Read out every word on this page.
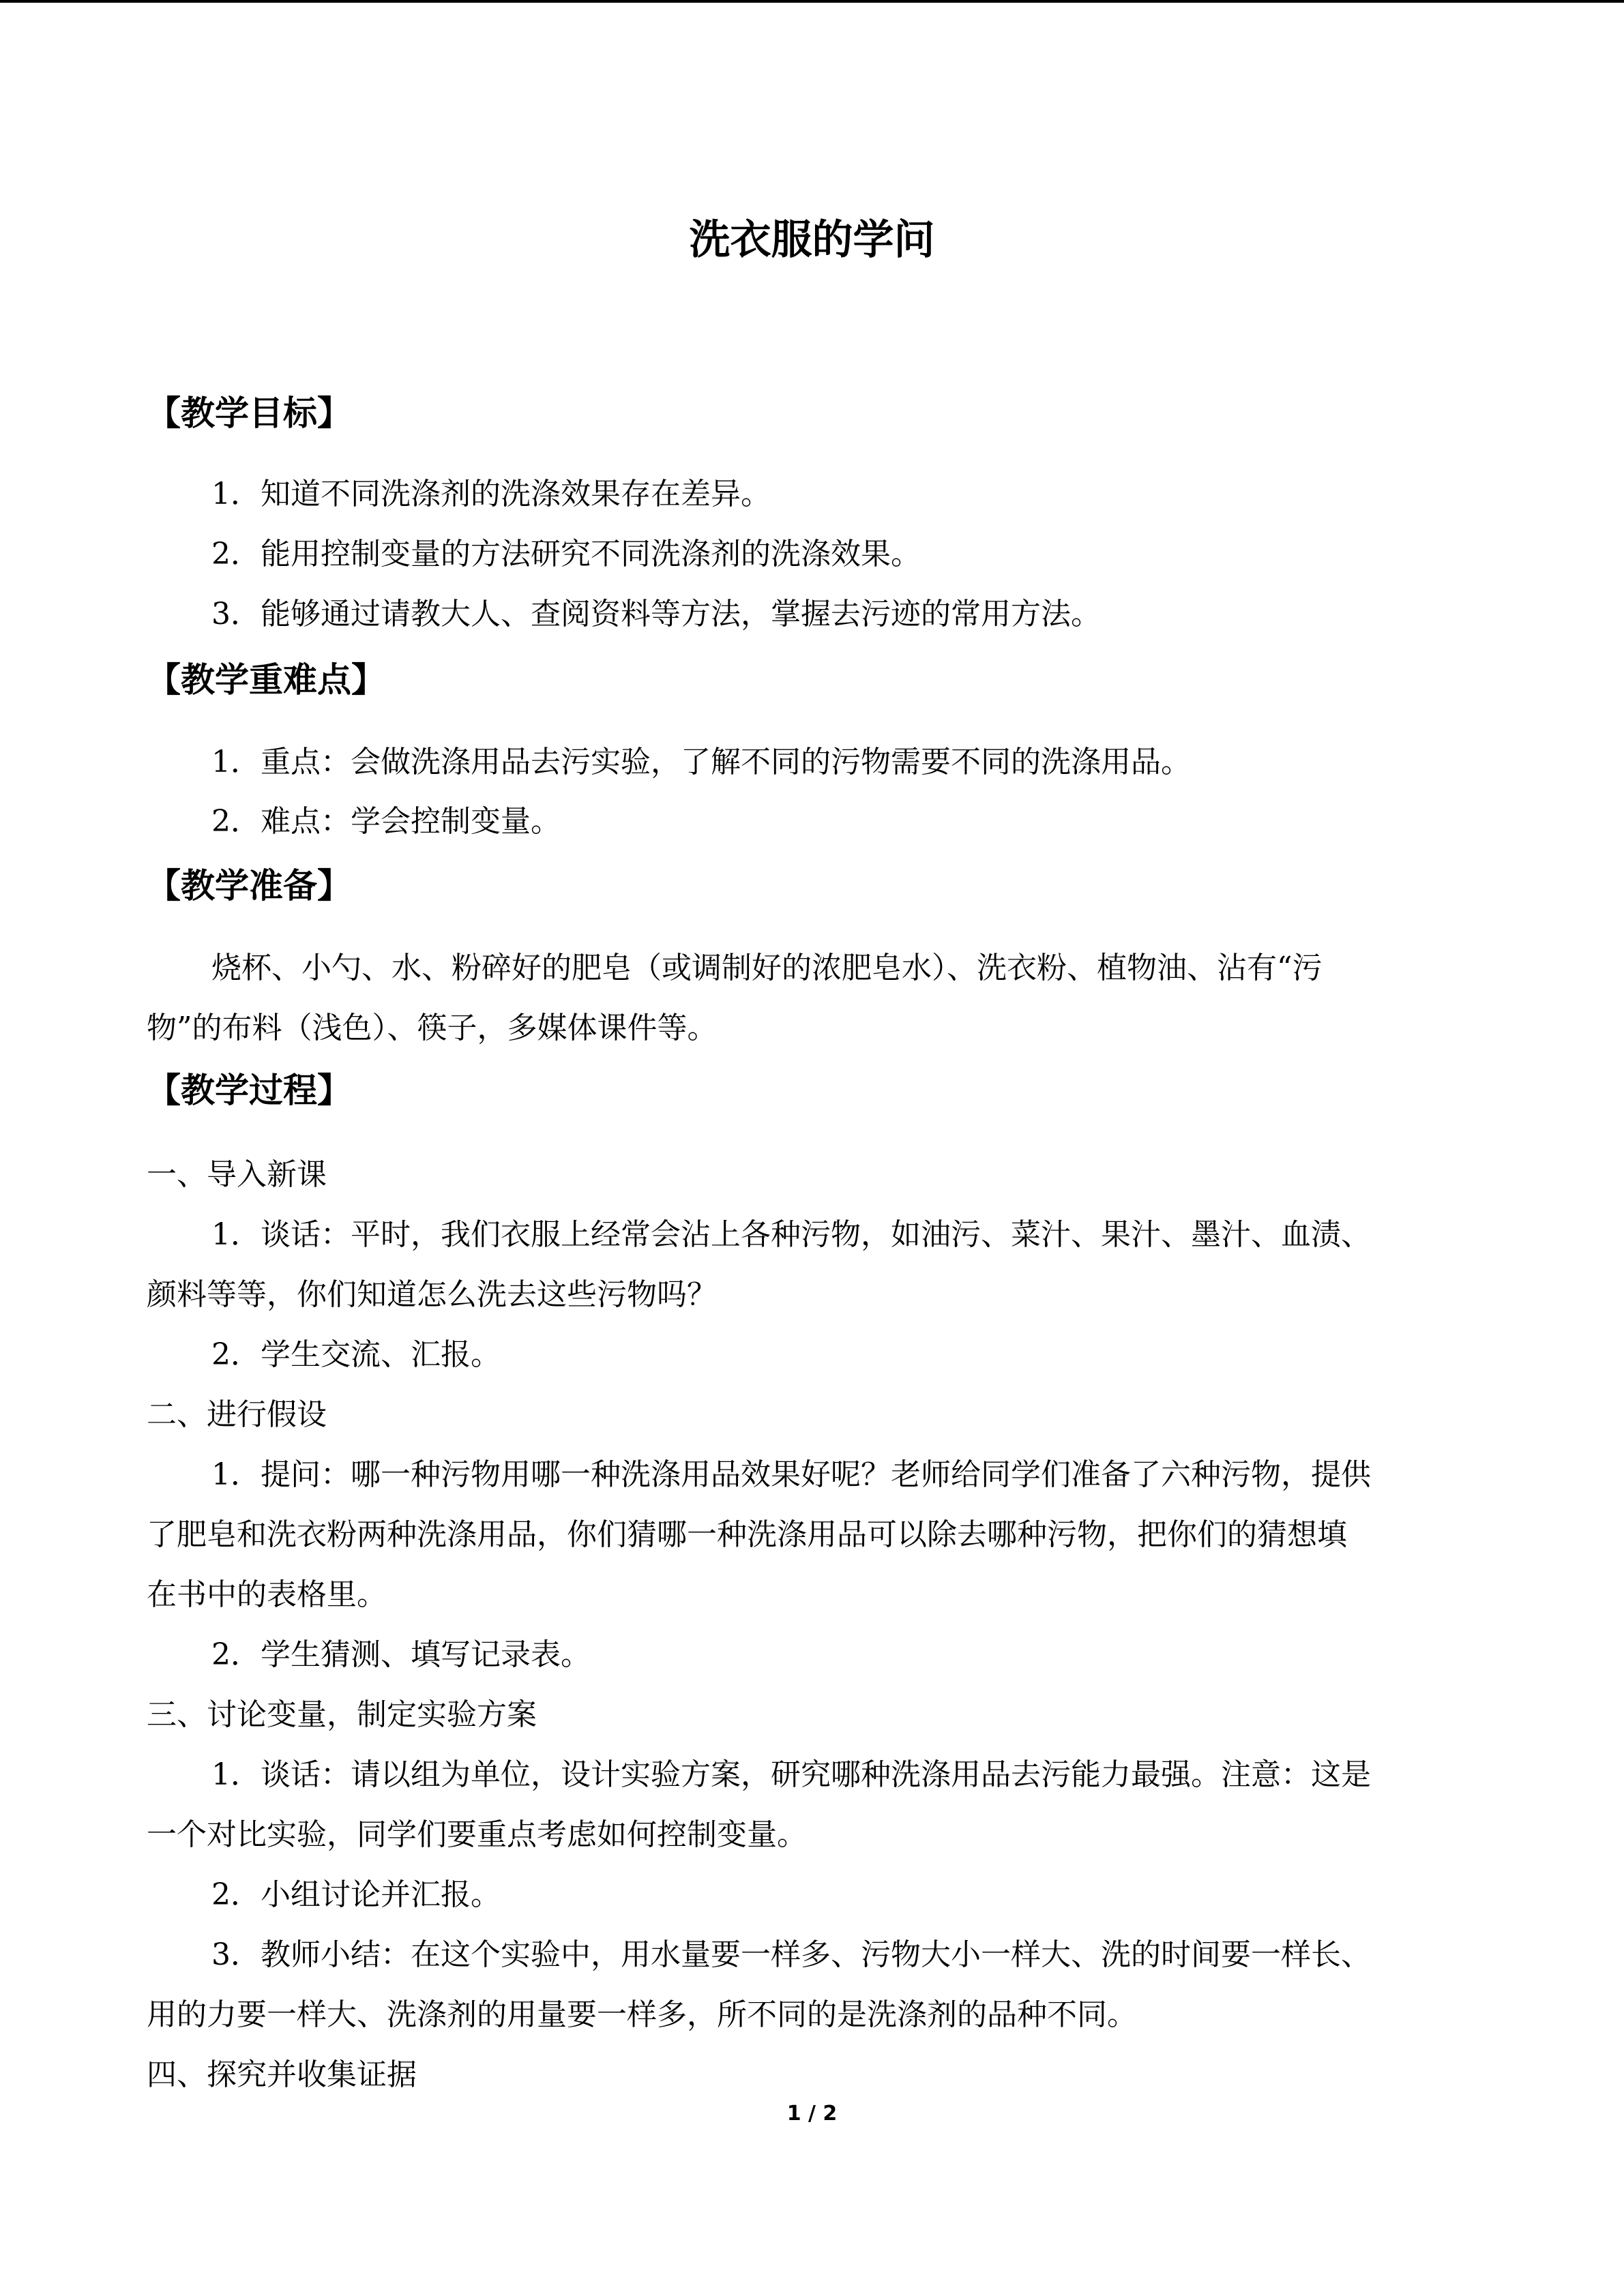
洗衣服的学问
【教学目标】
1．知道不同洗涤剂的洗涤效果存在差异。
2．能用控制变量的方法研究不同洗涤剂的洗涤效果。
3．能够通过请教大人、查阅资料等方法，掌握去污迹的常用方法。
【教学重难点】
1．重点：会做洗涤用品去污实验，了解不同的污物需要不同的洗涤用品。
2．难点：学会控制变量。
【教学准备】
烧杯、小勺、水、粉碎好的肥皂（或调制好的浓肥皂水）、洗衣粉、植物油、沾有“污
物”的布料（浅色）、筷子，多媒体课件等。
【教学过程】
一、导入新课
1．谈话：平时，我们衣服上经常会沾上各种污物，如油污、菜汁、果汁、墨汁、血渍、
颜料等等，你们知道怎么洗去这些污物吗？
2．学生交流、汇报。
二、进行假设
1．提问：哪一种污物用哪一种洗涤用品效果好呢？老师给同学们准备了六种污物，提供
了肥皂和洗衣粉两种洗涤用品，你们猜哪一种洗涤用品可以除去哪种污物，把你们的猜想填
在书中的表格里。
2．学生猜测、填写记录表。
三、讨论变量，制定实验方案
1．谈话：请以组为单位，设计实验方案，研究哪种洗涤用品去污能力最强。注意：这是
一个对比实验，同学们要重点考虑如何控制变量。
2．小组讨论并汇报。
3．教师小结：在这个实验中，用水量要一样多、污物大小一样大、洗的时间要一样长、
用的力要一样大、洗涤剂的用量要一样多，所不同的是洗涤剂的品种不同。
四、探究并收集证据
1 / 2
